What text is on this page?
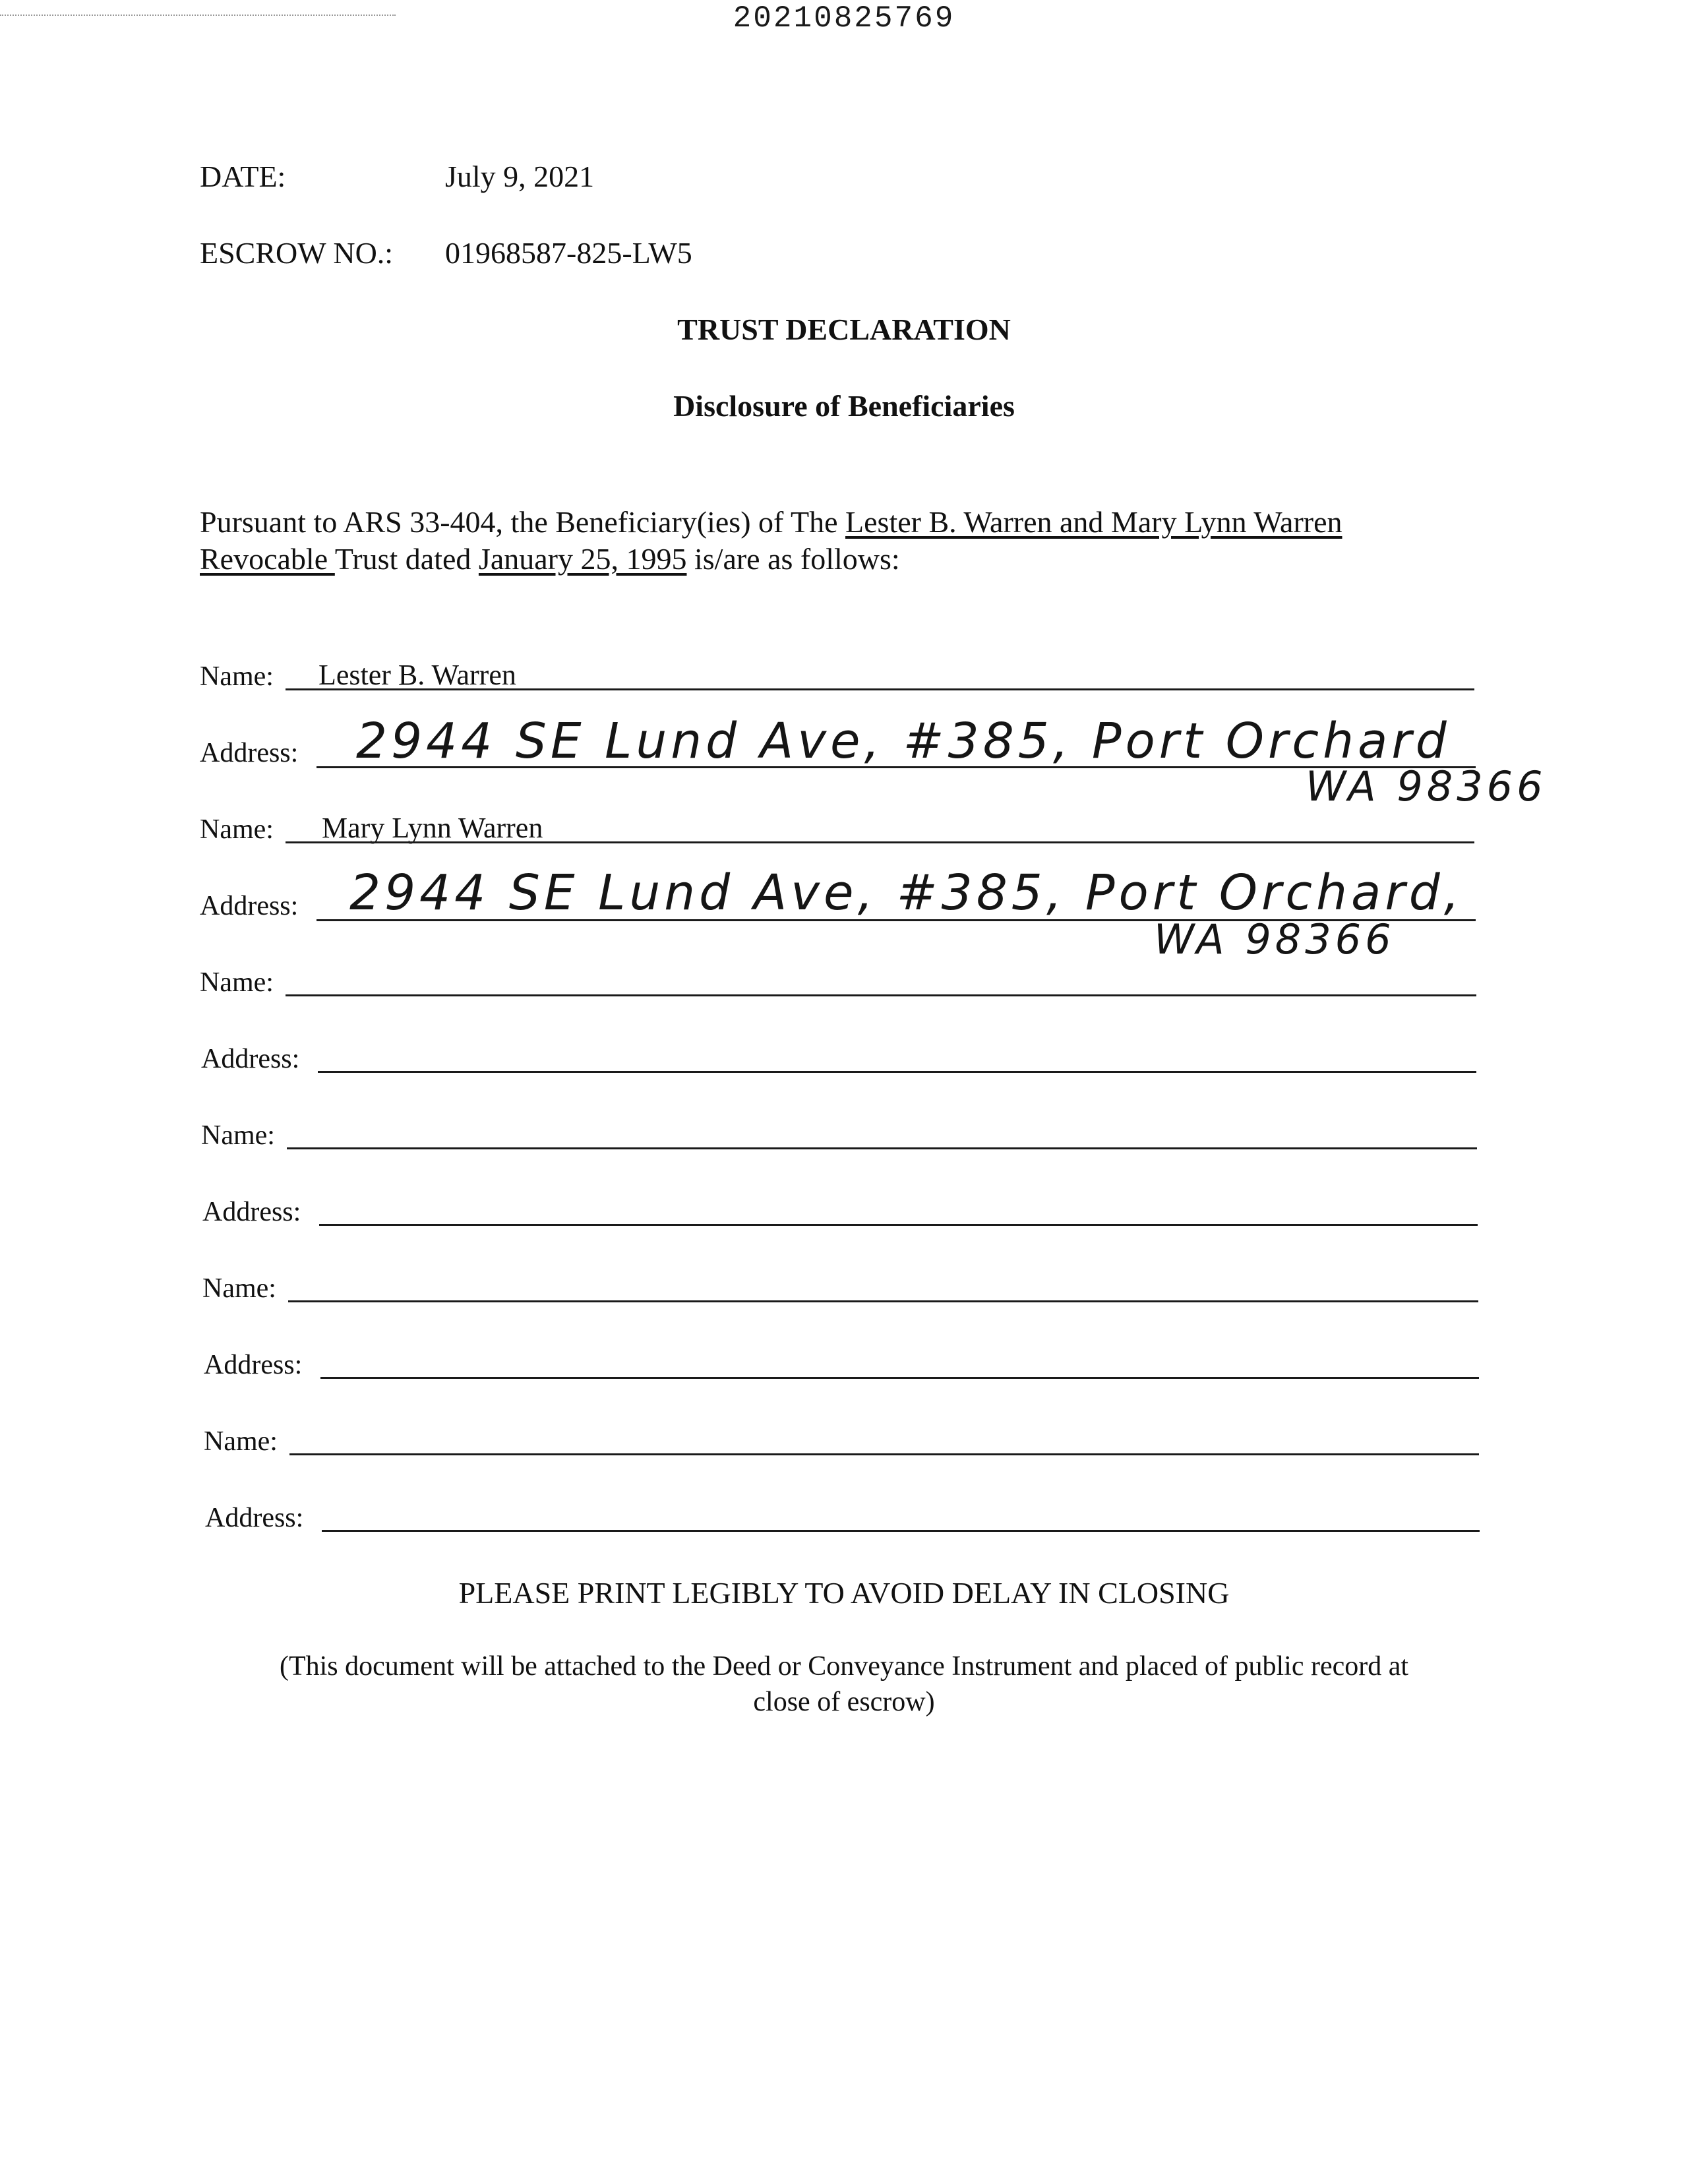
20210825769
DATE:	July 9, 2021
ESCROW NO.: 01968587-825-LW5
TRUST DECLARATION
Disclosure of Beneficiaries
Pursuant to ARS 33-404, the Beneficiary(ies) of The Lester B. Warren and Mary Lynn Warren
Revocable Trust dated January 25, 1995 is/are as follows:
Name: Lester B. Warren
Address: 2944 SE Lund Ave, #385, Port Orchard
WA 98366
Name: Mary Lynn Warren
Address: 2944 SE Lund Ave, #385, Port Orchard,
WA 98366
Name:
Address:
Name:
Address:
Name:
Address:
Name:
Address:
PLEASE PRINT LEGIBLY TO AVOID DELAY IN CLOSING
(This document will be attached to the Deed or Conveyance Instrument and placed of public record at
close of escrow)
